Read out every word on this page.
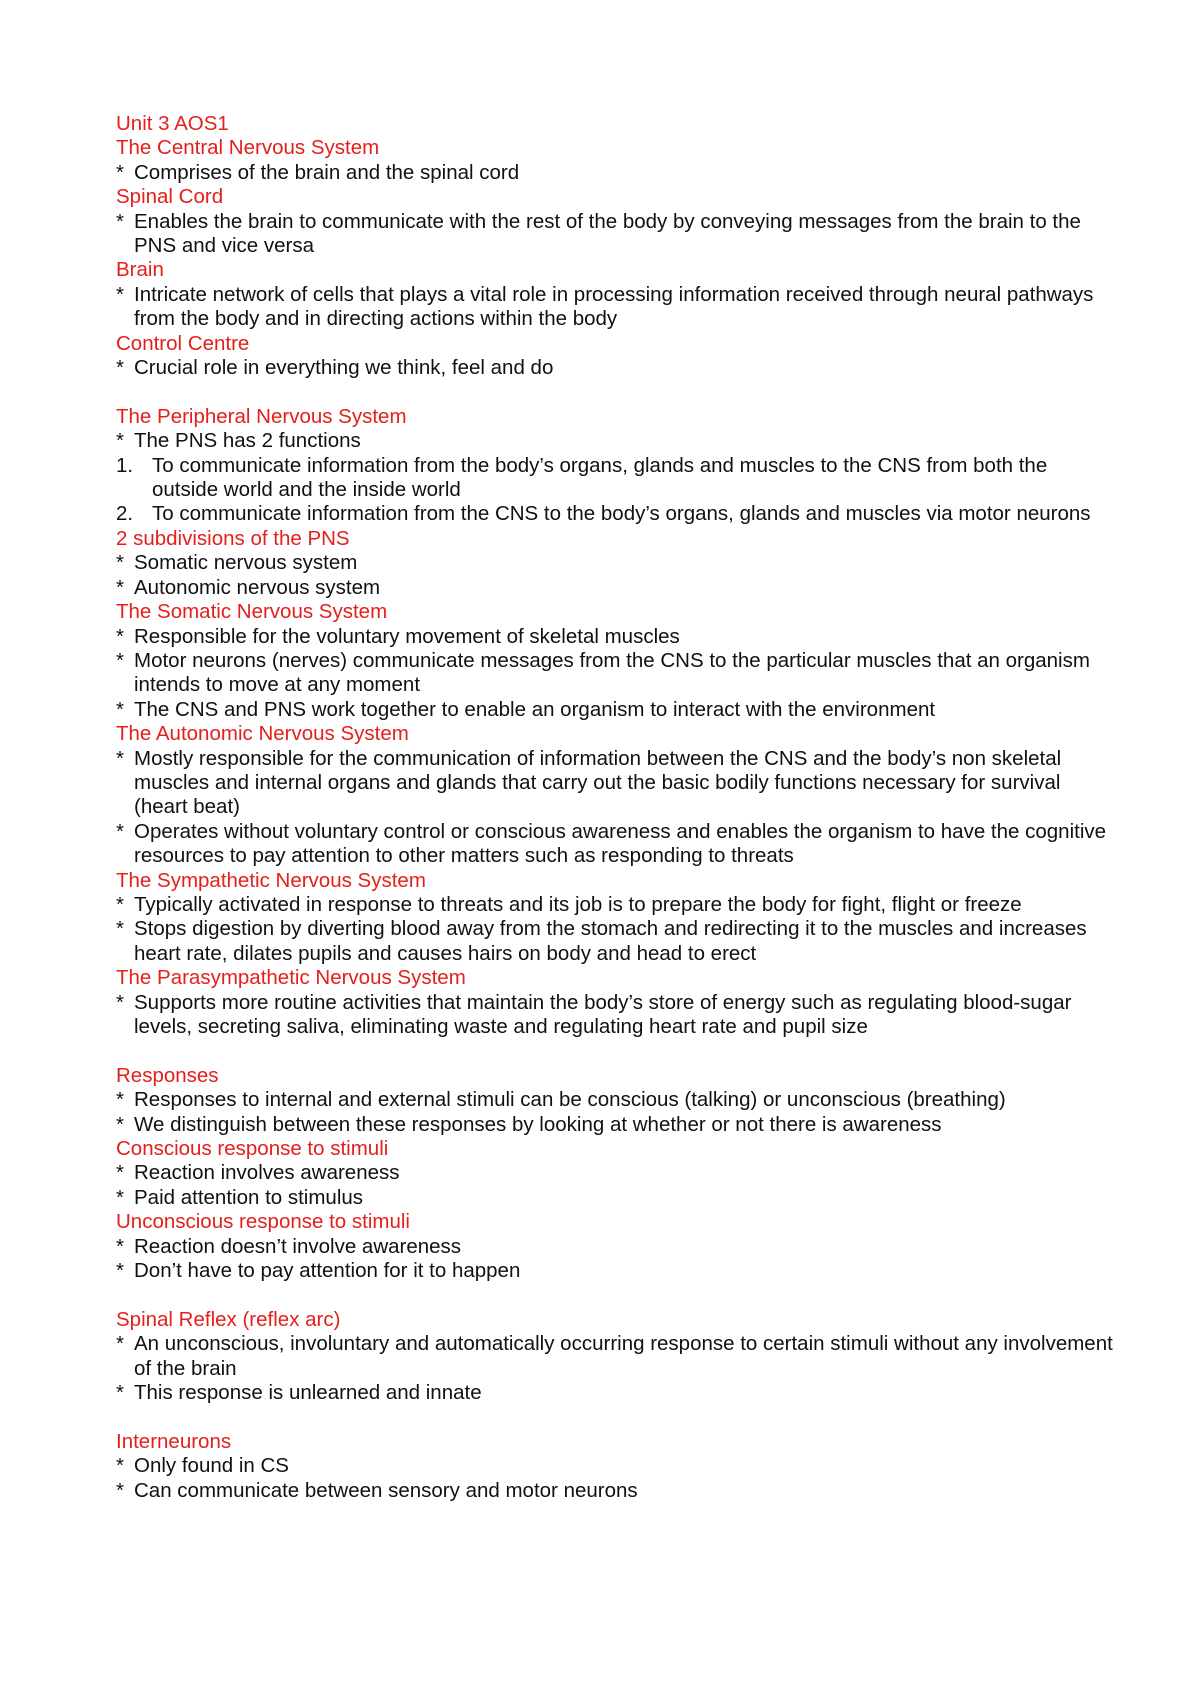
Unit 3 AOS1
The Central Nervous System
* Comprises of the brain and the spinal cord
Spinal Cord
* Enables the brain to communicate with the rest of the body by conveying messages from the brain to the PNS and vice versa
Brain
* Intricate network of cells that plays a vital role in processing information received through neural pathways from the body and in directing actions within the body
Control Centre
* Crucial role in everything we think, feel and do
The Peripheral Nervous System
* The PNS has 2 functions
1. To communicate information from the body’s organs, glands and muscles to the CNS from both the outside world and the inside world
2. To communicate information from the CNS to the body’s organs, glands and muscles via motor neurons
2 subdivisions of the PNS
* Somatic nervous system
* Autonomic nervous system
The Somatic Nervous System
* Responsible for the voluntary movement of skeletal muscles
* Motor neurons (nerves) communicate messages from the CNS to the particular muscles that an organism intends to move at any moment
* The CNS and PNS work together to enable an organism to interact with the environment
The Autonomic Nervous System
* Mostly responsible for the communication of information between the CNS and the body’s non skeletal muscles and internal organs and glands that carry out the basic bodily functions necessary for survival (heart beat)
* Operates without voluntary control or conscious awareness and enables the organism to have the cognitive resources to pay attention to other matters such as responding to threats
The Sympathetic Nervous System
* Typically activated in response to threats and its job is to prepare the body for fight, flight or freeze
* Stops digestion by diverting blood away from the stomach and redirecting it to the muscles and increases heart rate, dilates pupils and causes hairs on body and head to erect
The Parasympathetic Nervous System
* Supports more routine activities that maintain the body’s store of energy such as regulating blood-sugar levels, secreting saliva, eliminating waste and regulating heart rate and pupil size
Responses
* Responses to internal and external stimuli can be conscious (talking) or unconscious (breathing)
* We distinguish between these responses by looking at whether or not there is awareness
Conscious response to stimuli
* Reaction involves awareness
* Paid attention to stimulus
Unconscious response to stimuli
* Reaction doesn’t involve awareness
* Don’t have to pay attention for it to happen
Spinal Reflex (reflex arc)
* An unconscious, involuntary and automatically occurring response to certain stimuli without any involvement of the brain
* This response is unlearned and innate
Interneurons
* Only found in CS
* Can communicate between sensory and motor neurons
